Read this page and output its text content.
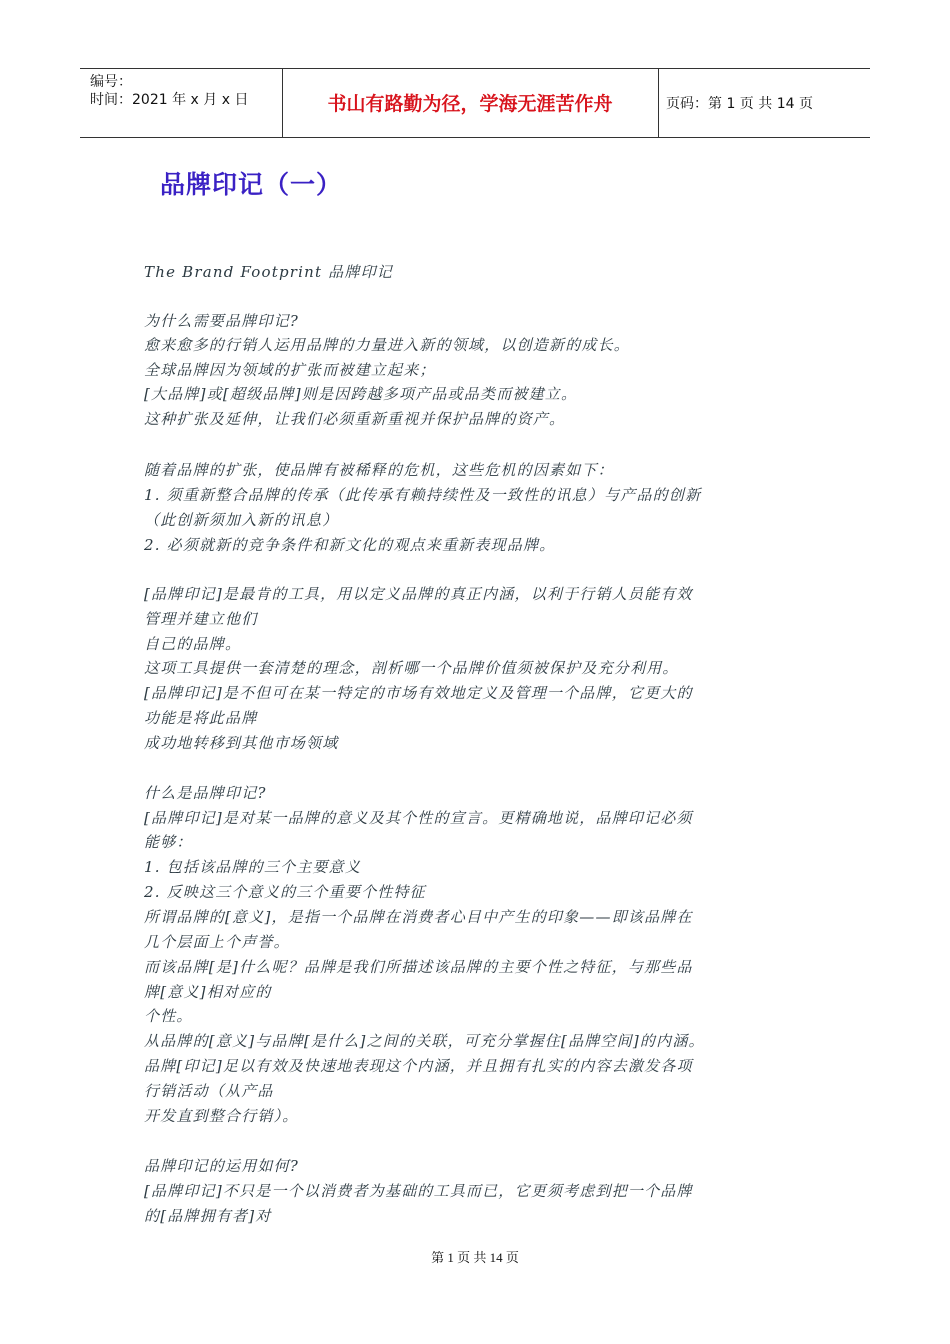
编号：
时间：2021 年 x 月 x 日	书山有路勤为径，学海无涯苦作舟	页码：第 1 页 共 14 页
品牌印记（一）
The Brand Footprint 品牌印记
为什么需要品牌印记?
愈来愈多的行销人运用品牌的力量进入新的领域，以创造新的成长。
全球品牌因为领域的扩张而被建立起来；
[大品牌]或[超级品牌]则是因跨越多项产品或品类而被建立。
这种扩张及延伸，让我们必须重新重视并保护品牌的资产。
随着品牌的扩张，使品牌有被稀释的危机，这些危机的因素如下：
1. 须重新整合品牌的传承（此传承有赖持续性及一致性的讯息）与产品的创新
（此创新须加入新的讯息）
2. 必须就新的竞争条件和新文化的观点来重新表现品牌。
[品牌印记]是最肯的工具，用以定义品牌的真正内涵，以利于行销人员能有效
管理并建立他们
自己的品牌。
这项工具提供一套清楚的理念，剖析哪一个品牌价值须被保护及充分利用。
[品牌印记]是不但可在某一特定的市场有效地定义及管理一个品牌，它更大的
功能是将此品牌
成功地转移到其他市场领域
什么是品牌印记?
[品牌印记]是对某一品牌的意义及其个性的宣言。更精确地说，品牌印记必须
能够：
1. 包括该品牌的三个主要意义
2. 反映这三个意义的三个重要个性特征
所谓品牌的[意义]，是指一个品牌在消费者心目中产生的印象——即该品牌在
几个层面上个声誉。
而该品牌[是]什么呢？品牌是我们所描述该品牌的主要个性之特征，与那些品
牌[意义]相对应的
个性。
从品牌的[意义]与品牌[是什么]之间的关联，可充分掌握住[品牌空间]的内涵。
品牌[印记]足以有效及快速地表现这个内涵，并且拥有扎实的内容去激发各项
行销活动（从产品
开发直到整合行销）。
品牌印记的运用如何?
[品牌印记]不只是一个以消费者为基础的工具而已，它更须考虑到把一个品牌
的[品牌拥有者]对
第 1 页 共 14 页
